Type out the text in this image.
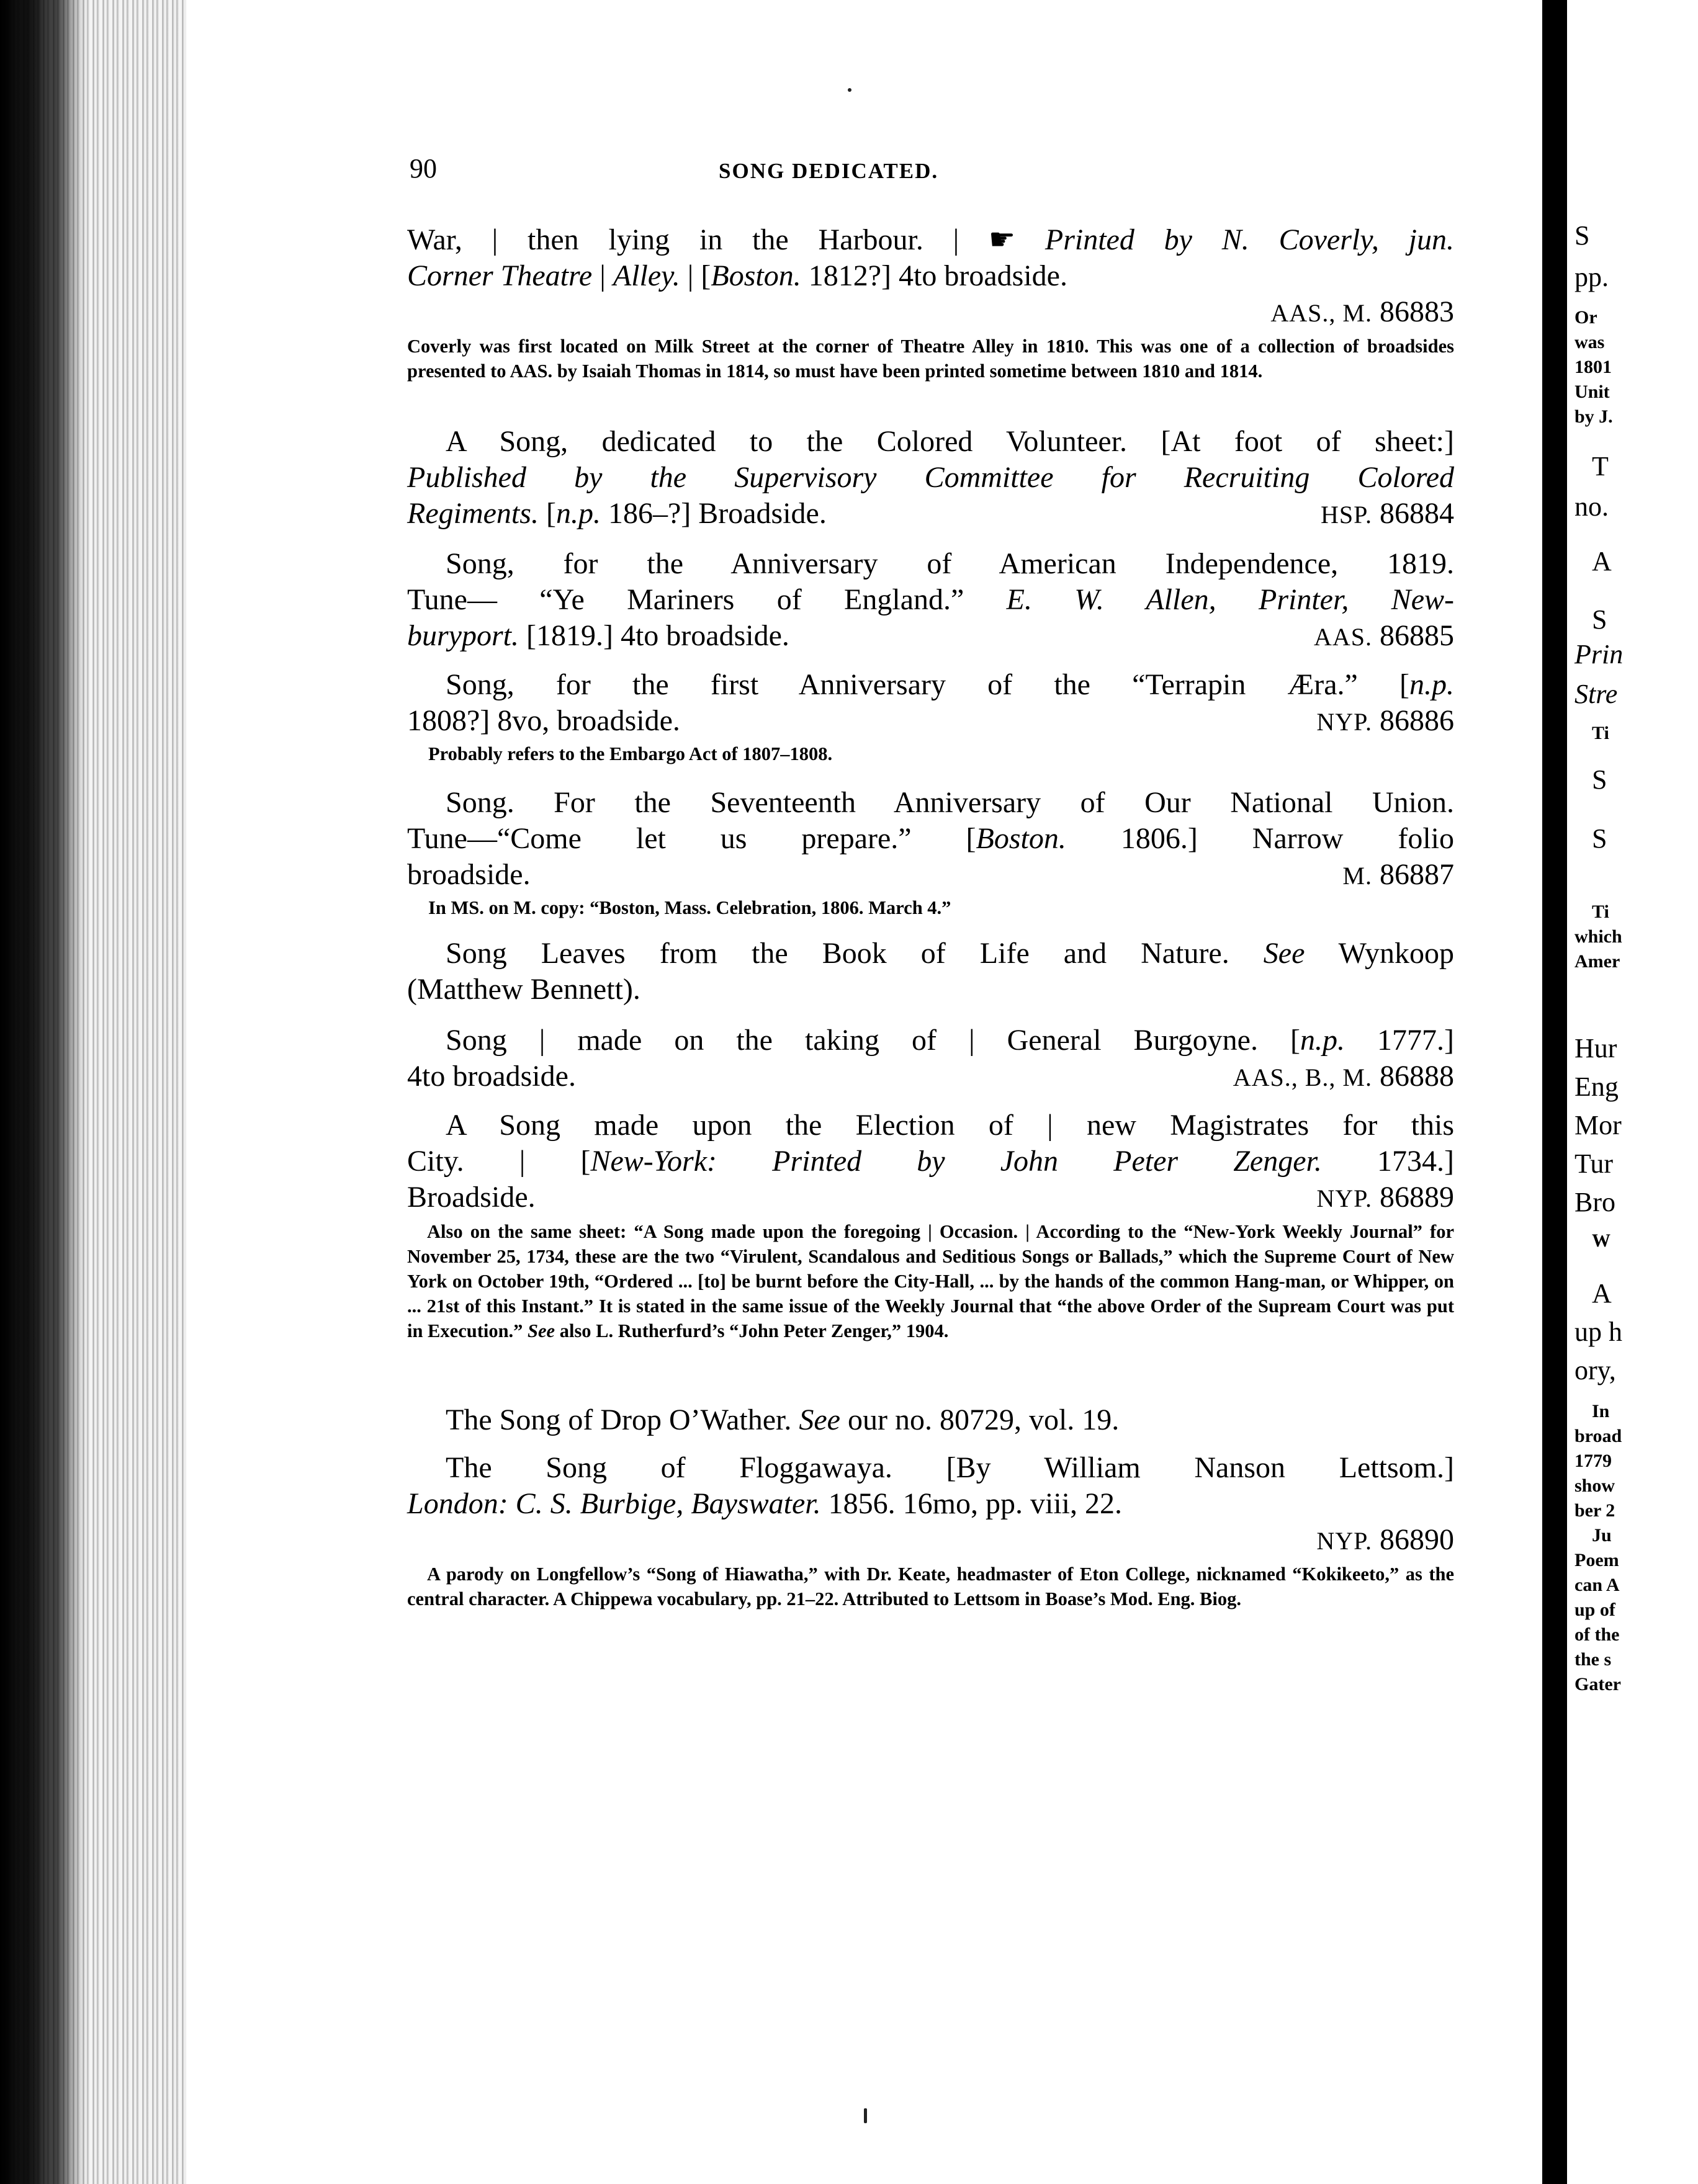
90	SONG DEDICATED.
War, | then lying in the Harbour. | ☛ Printed by N. Coverly, jun.
Corner Theatre | Alley. | [Boston. 1812?] 4to broadside.
AAS., M. 86883
Coverly was first located on Milk Street at the corner of Theatre Alley in 1810. This was one of a collection of broadsides presented to AAS. by Isaiah Thomas in 1814, so must have been printed sometime between 1810 and 1814.
A Song, dedicated to the Colored Volunteer. [At foot of sheet:]
Published by the Supervisory Committee for Recruiting Colored
Regiments. [n.p. 186–?] Broadside.	HSP. 86884
Song, for the Anniversary of American Independence, 1819.
Tune— “Ye Mariners of England.” E. W. Allen, Printer, New-
buryport. [1819.] 4to broadside.	AAS. 86885
Song, for the first Anniversary of the “Terrapin Æra.” [n.p.
1808?] 8vo, broadside.	NYP. 86886
Probably refers to the Embargo Act of 1807–1808.
Song. For the Seventeenth Anniversary of Our National Union.
Tune—“Come let us prepare.” [Boston. 1806.] Narrow folio
broadside.	M. 86887
In MS. on M. copy: “Boston, Mass. Celebration, 1806. March 4.”
Song Leaves from the Book of Life and Nature. See Wynkoop
(Matthew Bennett).
Song | made on the taking of | General Burgoyne. [n.p. 1777.]
4to broadside.	AAS., B., M. 86888
A Song made upon the Election of | new Magistrates for this
City. | [New-York: Printed by John Peter Zenger. 1734.]
Broadside.	NYP. 86889
Also on the same sheet: “A Song made upon the foregoing | Occasion. | According to the “New-York Weekly Journal” for November 25, 1734, these are the two “Virulent, Scandalous and Seditious Songs or Ballads,” which the Supreme Court of New York on October 19th, “Ordered ... [to] be burnt before the City-Hall, ... by the hands of the common Hang-man, or Whipper, on ... 21st of this Instant.” It is stated in the same issue of the Weekly Journal that “the above Order of the Supream Court was put in Execution.” See also L. Rutherfurd’s “John Peter Zenger,” 1904.
The Song of Drop O’Wather. See our no. 80729, vol. 19.
The Song of Floggawaya. [By William Nanson Lettsom.]
London: C. S. Burbige, Bayswater. 1856. 16mo, pp. viii, 22.
NYP. 86890
A parody on Longfellow’s “Song of Hiawatha,” with Dr. Keate, headmaster of Eton College, nicknamed “Kokikeeto,” as the central character. A Chippewa vocabulary, pp. 21–22. Attributed to Lettsom in Boase’s Mod. Eng. Biog.
S
pp.
Or
was
1801
Unit
by J.
T
no.
A
S
Prin
Stre
Ti
S
S
Ti
which
Amer
Hur
Eng
Mor
Tur
Bro
W
A
up h
ory,
In
broad
1779
show
ber 2
Ju
Poem
can A
up of
of the
the s
Gater
